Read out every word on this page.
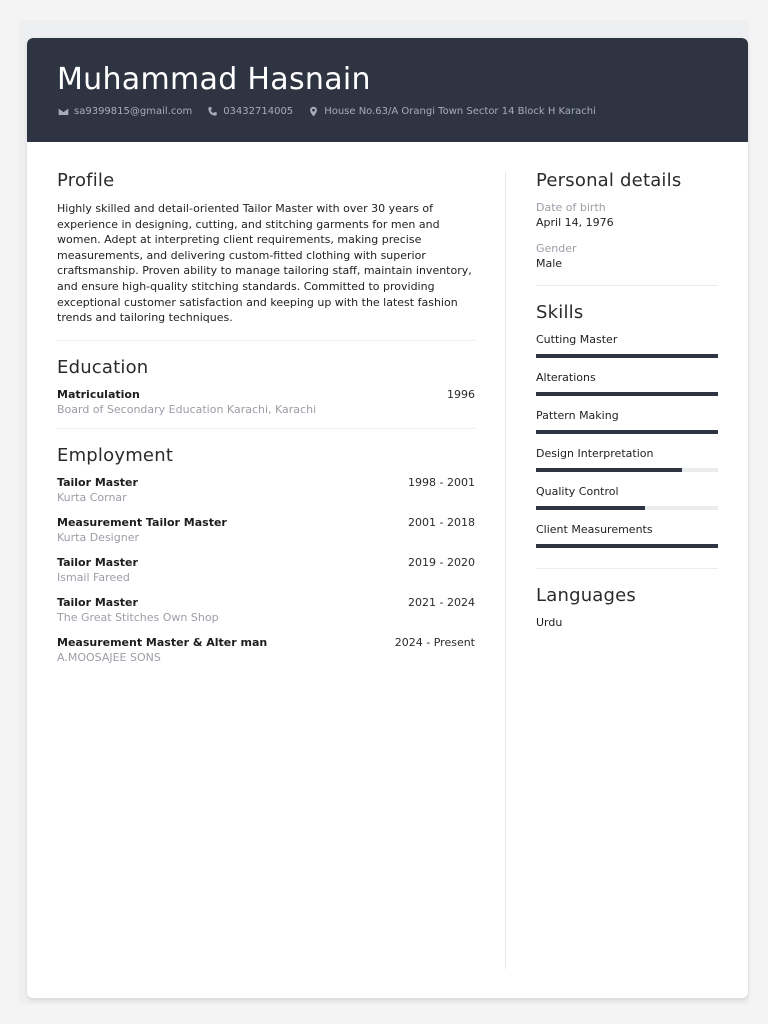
Muhammad Hasnain
sa9399815@gmail.com	03432714005	House No.63/A Orangi Town Sector 14 Block H Karachi
Profile
Highly skilled and detail-oriented Tailor Master with over 30 years of experience in designing, cutting, and stitching garments for men and women. Adept at interpreting client requirements, making precise measurements, and delivering custom-fitted clothing with superior craftsmanship. Proven ability to manage tailoring staff, maintain inventory, and ensure high-quality stitching standards. Committed to providing exceptional customer satisfaction and keeping up with the latest fashion trends and tailoring techniques.
Education
Matriculation
Board of Secondary Education Karachi, Karachi
1996
Employment
Tailor Master
Kurta Cornar
1998 - 2001
Measurement Tailor Master
Kurta Designer
2001 - 2018
Tailor Master
Ismail Fareed
2019 - 2020
Tailor Master
The Great Stitches Own Shop
2021 - 2024
Measurement Master & Alter man
A.MOOSAJEE SONS
2024 - Present
Personal details
Date of birth
April 14, 1976
Gender
Male
Skills
Cutting Master
Alterations
Pattern Making
Design Interpretation
Quality Control
Client Measurements
Languages
Urdu
